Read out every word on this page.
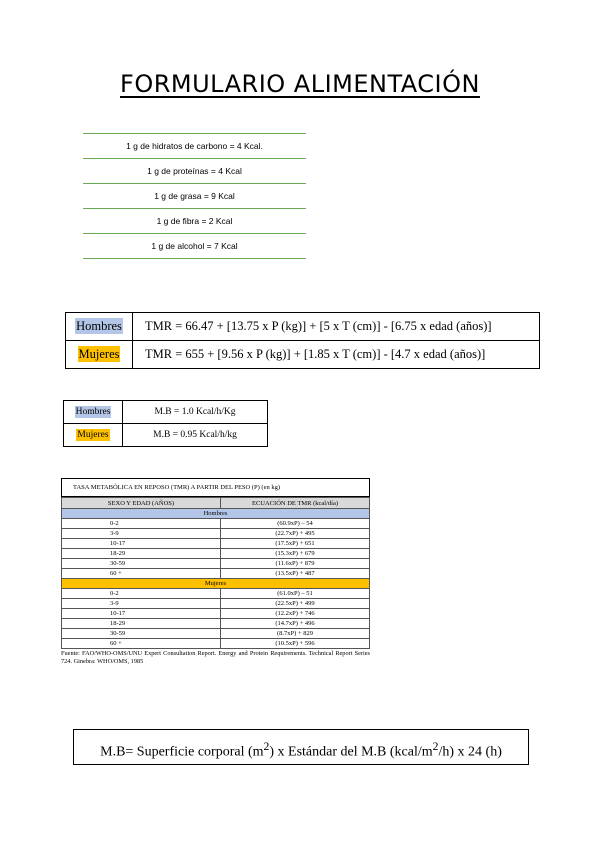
FORMULARIO ALIMENTACIÓN
1 g de hidratos de carbono = 4 Kcal.
1 g de proteínas = 4 Kcal
1 g de grasa = 9 Kcal
1 g de fibra = 2 Kcal
1 g de alcohol = 7 Kcal
Hombres	TMR = 66.47 + [13.75 x P (kg)] + [5 x T (cm)] - [6.75 x edad (años)]
Mujeres	TMR = 655 + [9.56 x P (kg)] + [1.85 x T (cm)] - [4.7 x edad (años)]
Hombres	M.B = 1.0 Kcal/h/Kg
Mujeres	M.B = 0.95 Kcal/h/kg
TASA METABÓLICA EN REPOSO (TMR) A PARTIR DEL PESO (P) (en kg)
SEXO Y EDAD (AÑOS)	ECUACIÓN DE TMR (kcal/día)
Hombres	
0-2	(60.9xP) – 54
3-9	(22.7xP) + 495
10-17	(17.5xP) + 651
18-29	(15.3xP) + 679
30-59	(11.6xP) + 879
60 +	(13.5xP) + 487
Mujeres	
0-2	(61.0xP) – 51
3-9	(22.5xP) + 499
10-17	(12.2xP) + 746
18-29	(14.7xP) + 496
30-59	(8.7xP) + 829
60 +	(10.5xP) + 596
Fuente: FAO/WHO-OMS/UNU Expert Consultation Report. Energy and Protein Requirements. Technical Report Series 724. Ginebra: WHO/OMS, 1985
M.B= Superficie corporal $(m^2)$ x Estándar del M.B $(kcal/m^2/h)$ x 24 (h)
